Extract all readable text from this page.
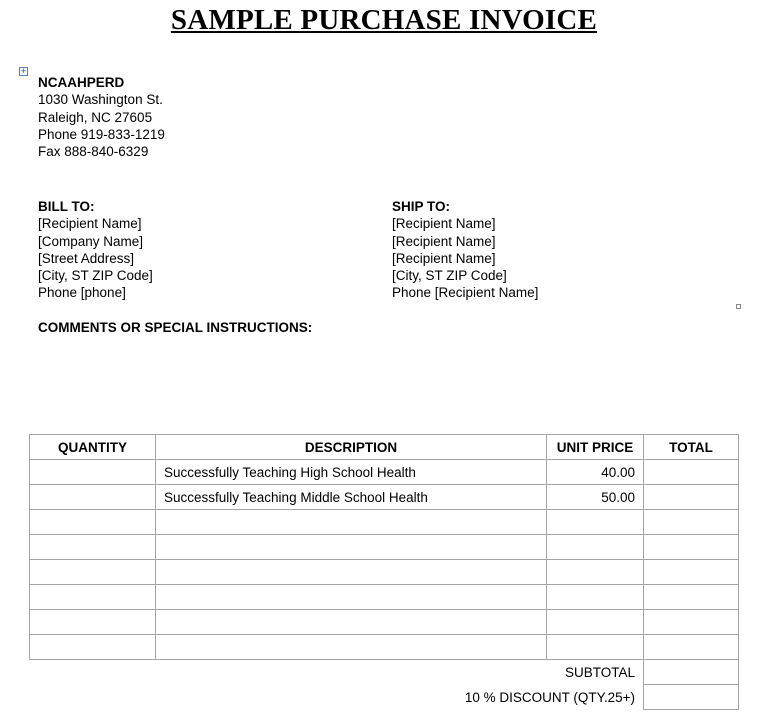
SAMPLE PURCHASE INVOICE
+
NCAAHPERD
1030 Washington St.
Raleigh, NC 27605
Phone 919-833-1219
Fax 888-840-6329
BILL TO:
[Recipient Name]
[Company Name]
[Street Address]
[City, ST ZIP Code]
Phone [phone]
SHIP TO:
[Recipient Name]
[Recipient Name]
[Recipient Name]
[City, ST ZIP Code]
Phone [Recipient Name]
COMMENTS OR SPECIAL INSTRUCTIONS:
QUANTITY	DESCRIPTION	UNIT PRICE	TOTAL
	Successfully Teaching High School Health	40.00	
	Successfully Teaching Middle School Health	50.00	

		SUBTOTAL	
	10 % DISCOUNT (QTY.25+)		
